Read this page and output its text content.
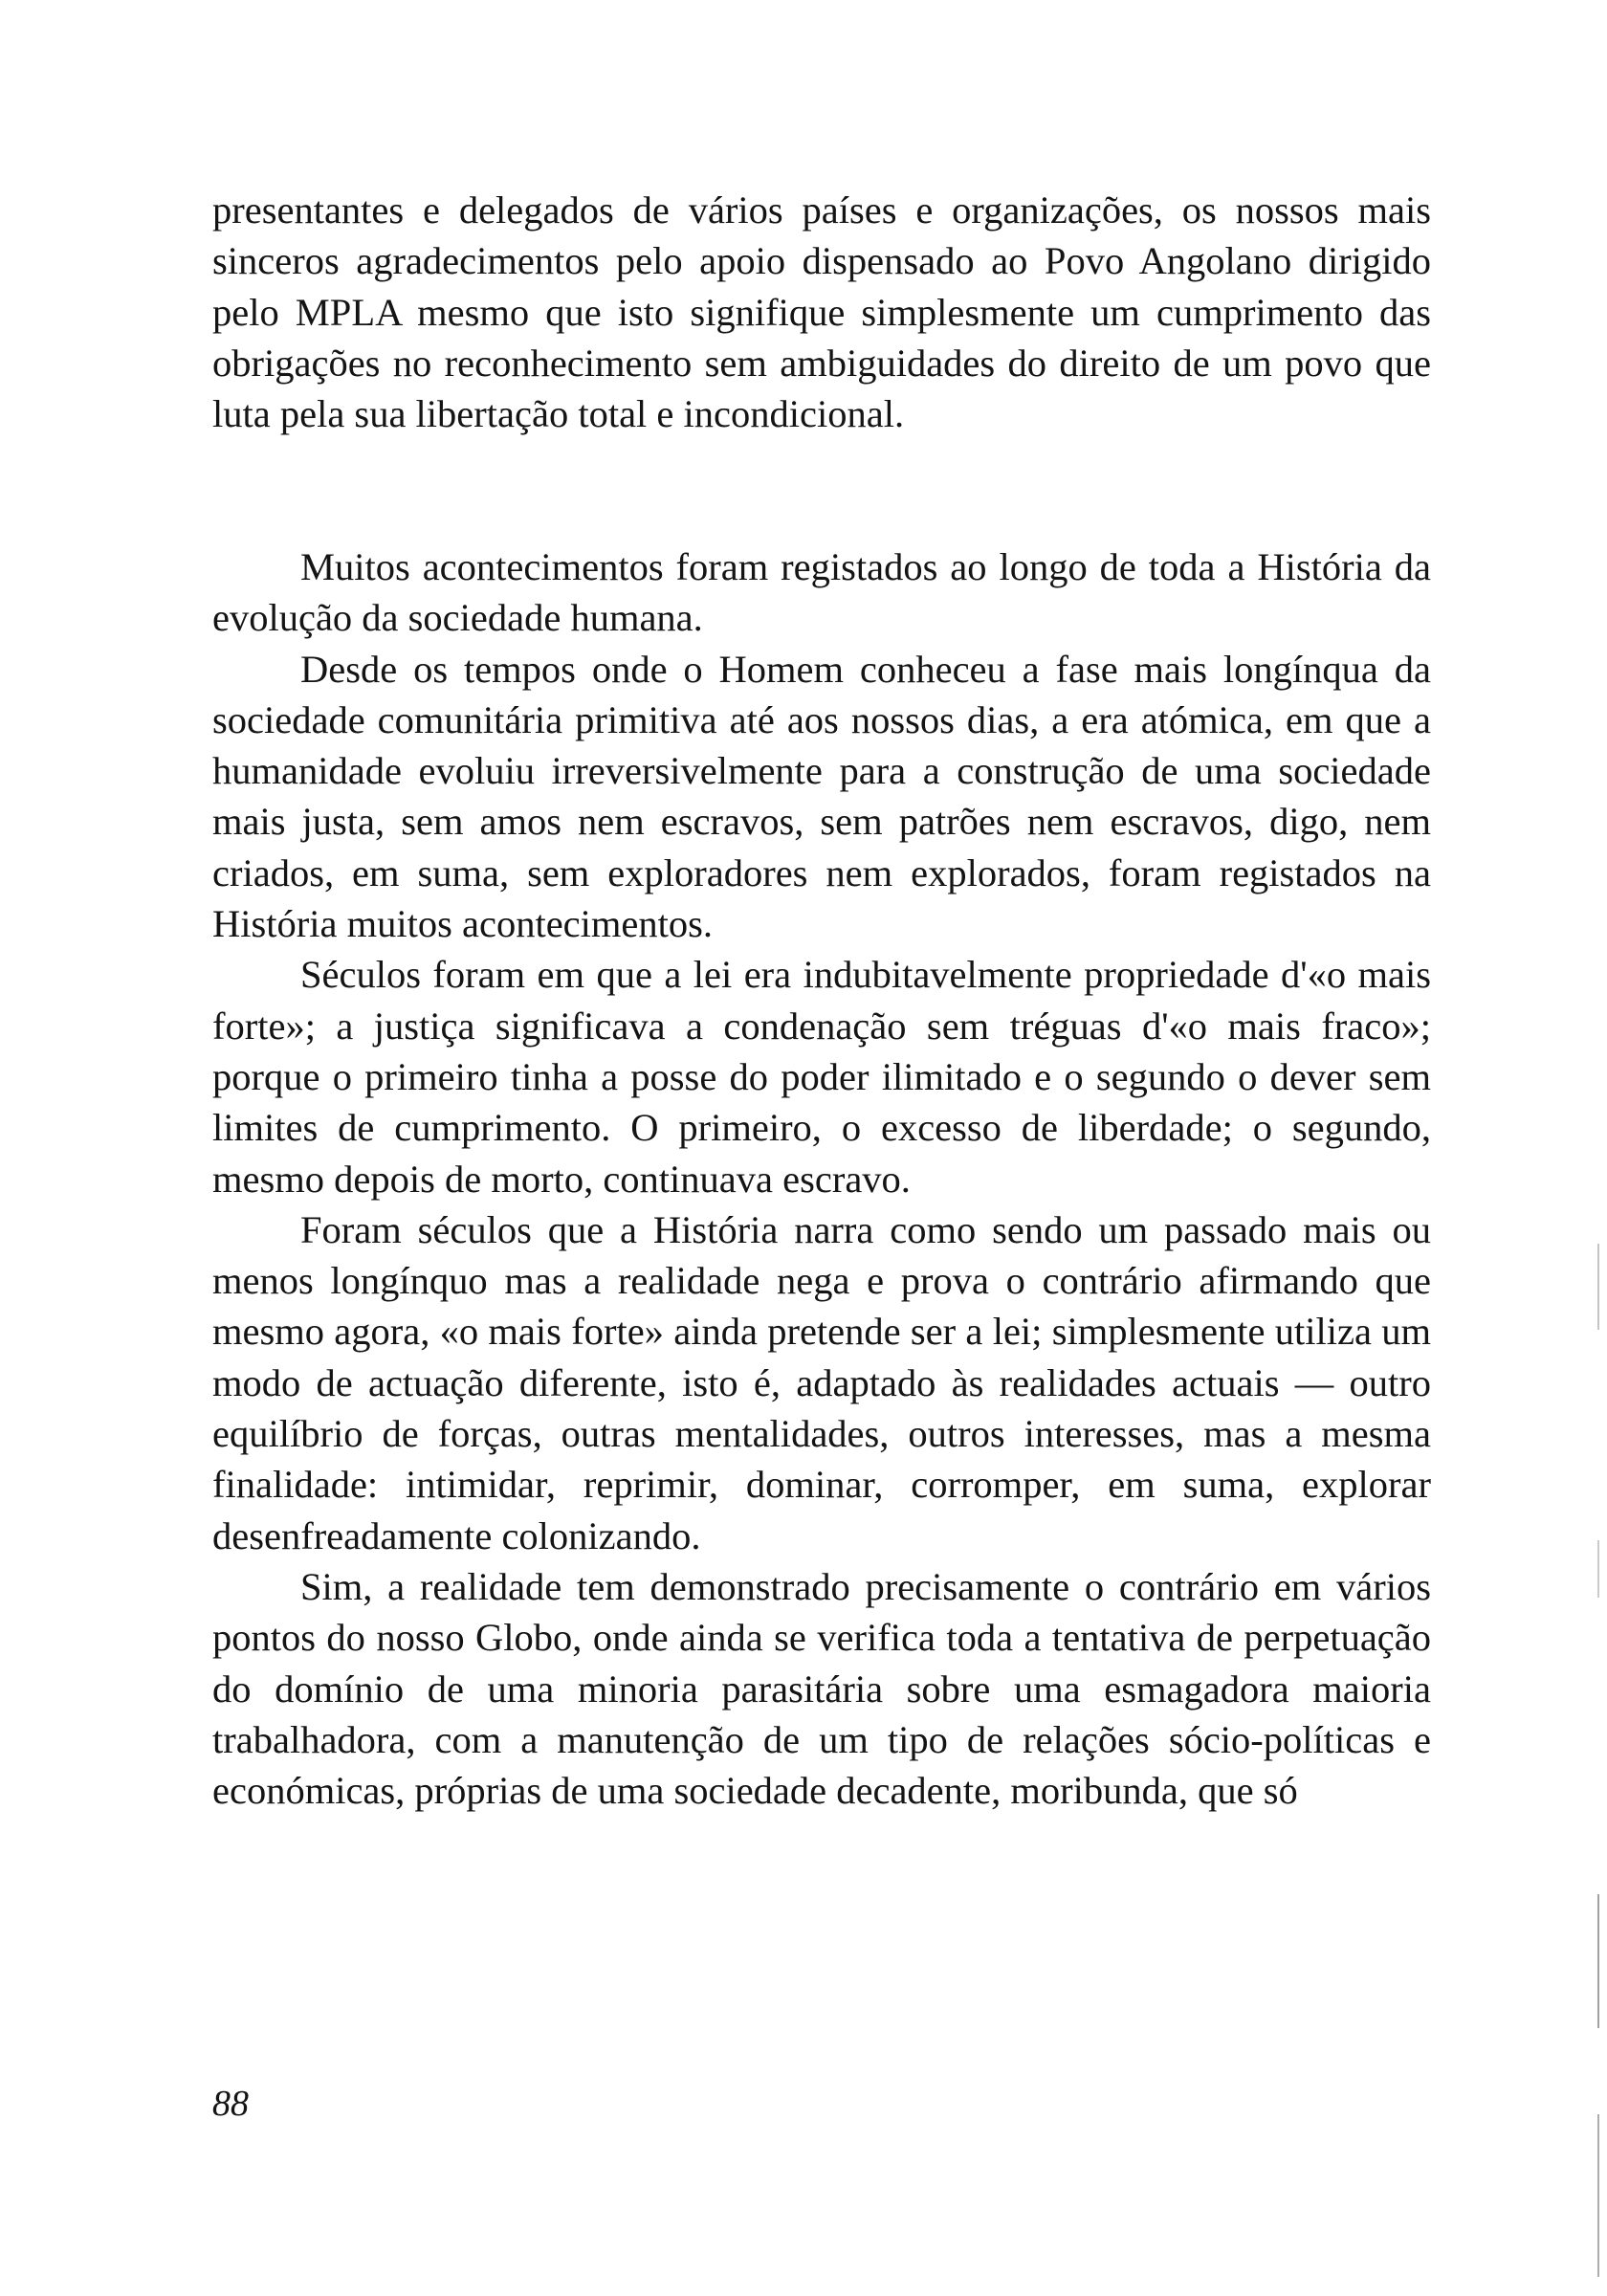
presentantes e delegados de vários países e organizações, os nossos mais sinceros agradecimentos pelo apoio dispensado ao Povo Angolano dirigido pelo MPLA mesmo que isto signifique simplesmente um cumprimento das obrigações no reconhecimento sem ambiguidades do direito de um povo que luta pela sua libertação total e incondicional.

Muitos acontecimentos foram registados ao longo de toda a História da evolução da sociedade humana.

Desde os tempos onde o Homem conheceu a fase mais longínqua da sociedade comunitária primitiva até aos nossos dias, a era atómica, em que a humanidade evoluiu irreversivelmente para a construção de uma sociedade mais justa, sem amos nem escravos, sem patrões nem escravos, digo, nem criados, em suma, sem exploradores nem explorados, foram registados na História muitos acontecimentos.

Séculos foram em que a lei era indubitavelmente propriedade d'«o mais forte»; a justiça significava a condenação sem tréguas d'«o mais fraco»; porque o primeiro tinha a posse do poder ilimitado e o segundo o dever sem limites de cumprimento. O primeiro, o excesso de liberdade; o segundo, mesmo depois de morto, continuava escravo.

Foram séculos que a História narra como sendo um passado mais ou menos longínquo mas a realidade nega e prova o contrário afirmando que mesmo agora, «o mais forte» ainda pretende ser a lei; simplesmente utiliza um modo de actuação diferente, isto é, adaptado às realidades actuais — outro equilíbrio de forças, outras mentalidades, outros interesses, mas a mesma finalidade: intimidar, reprimir, dominar, corromper, em suma, explorar desenfreadamente colonizando.

Sim, a realidade tem demonstrado precisamente o contrário em vários pontos do nosso Globo, onde ainda se verifica toda a tentativa de perpetuação do domínio de uma minoria parasitária sobre uma esmagadora maioria trabalhadora, com a manutenção de um tipo de relações sócio-políticas e económicas, próprias de uma sociedade decadente, moribunda, que só

88
